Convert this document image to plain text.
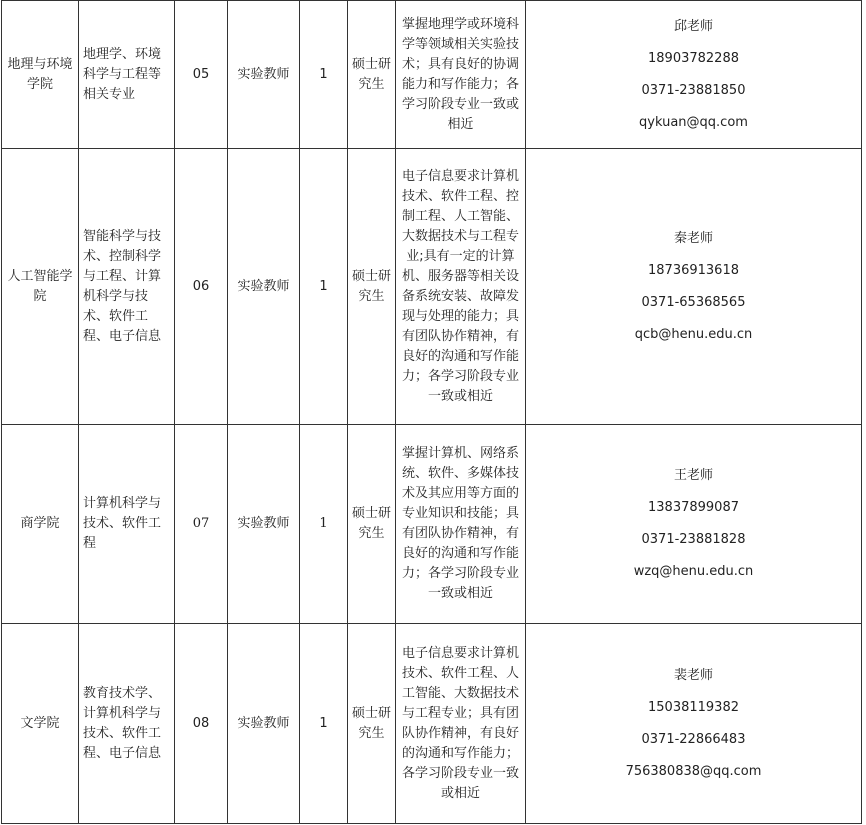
地理与环境学院	地理学、环境科学与工程等相关专业	05	实验教师	1	硕士研究生	掌握地理学或环境科学等领域相关实验技术；具有良好的协调能力和写作能力；各学习阶段专业一致或相近	邱老师
18903782288
0371-23881850
qykuan@qq.com

人工智能学院	智能科学与技术、控制科学与工程、计算机科学与技术、软件工程、电子信息	06	实验教师	1	硕士研究生	电子信息要求计算机技术、软件工程、控制工程、人工智能、大数据技术与工程专业;具有一定的计算机、服务器等相关设备系统安装、故障发现与处理的能力；具有团队协作精神，有良好的沟通和写作能力；各学习阶段专业一致或相近	秦老师
18736913618
0371-65368565
qcb@henu.edu.cn

商学院	计算机科学与技术、软件工程	07	实验教师	1	硕士研究生	掌握计算机、网络系统、软件、多媒体技术及其应用等方面的专业知识和技能；具有团队协作精神，有良好的沟通和写作能力；各学习阶段专业一致或相近	王老师
13837899087
0371-23881828
wzq@henu.edu.cn

文学院	教育技术学、计算机科学与技术、软件工程、电子信息	08	实验教师	1	硕士研究生	电子信息要求计算机技术、软件工程、人工智能、大数据技术与工程专业；具有团队协作精神，有良好的沟通和写作能力；各学习阶段专业一致或相近	裴老师
15038119382
0371-22866483
756380838@qq.com
